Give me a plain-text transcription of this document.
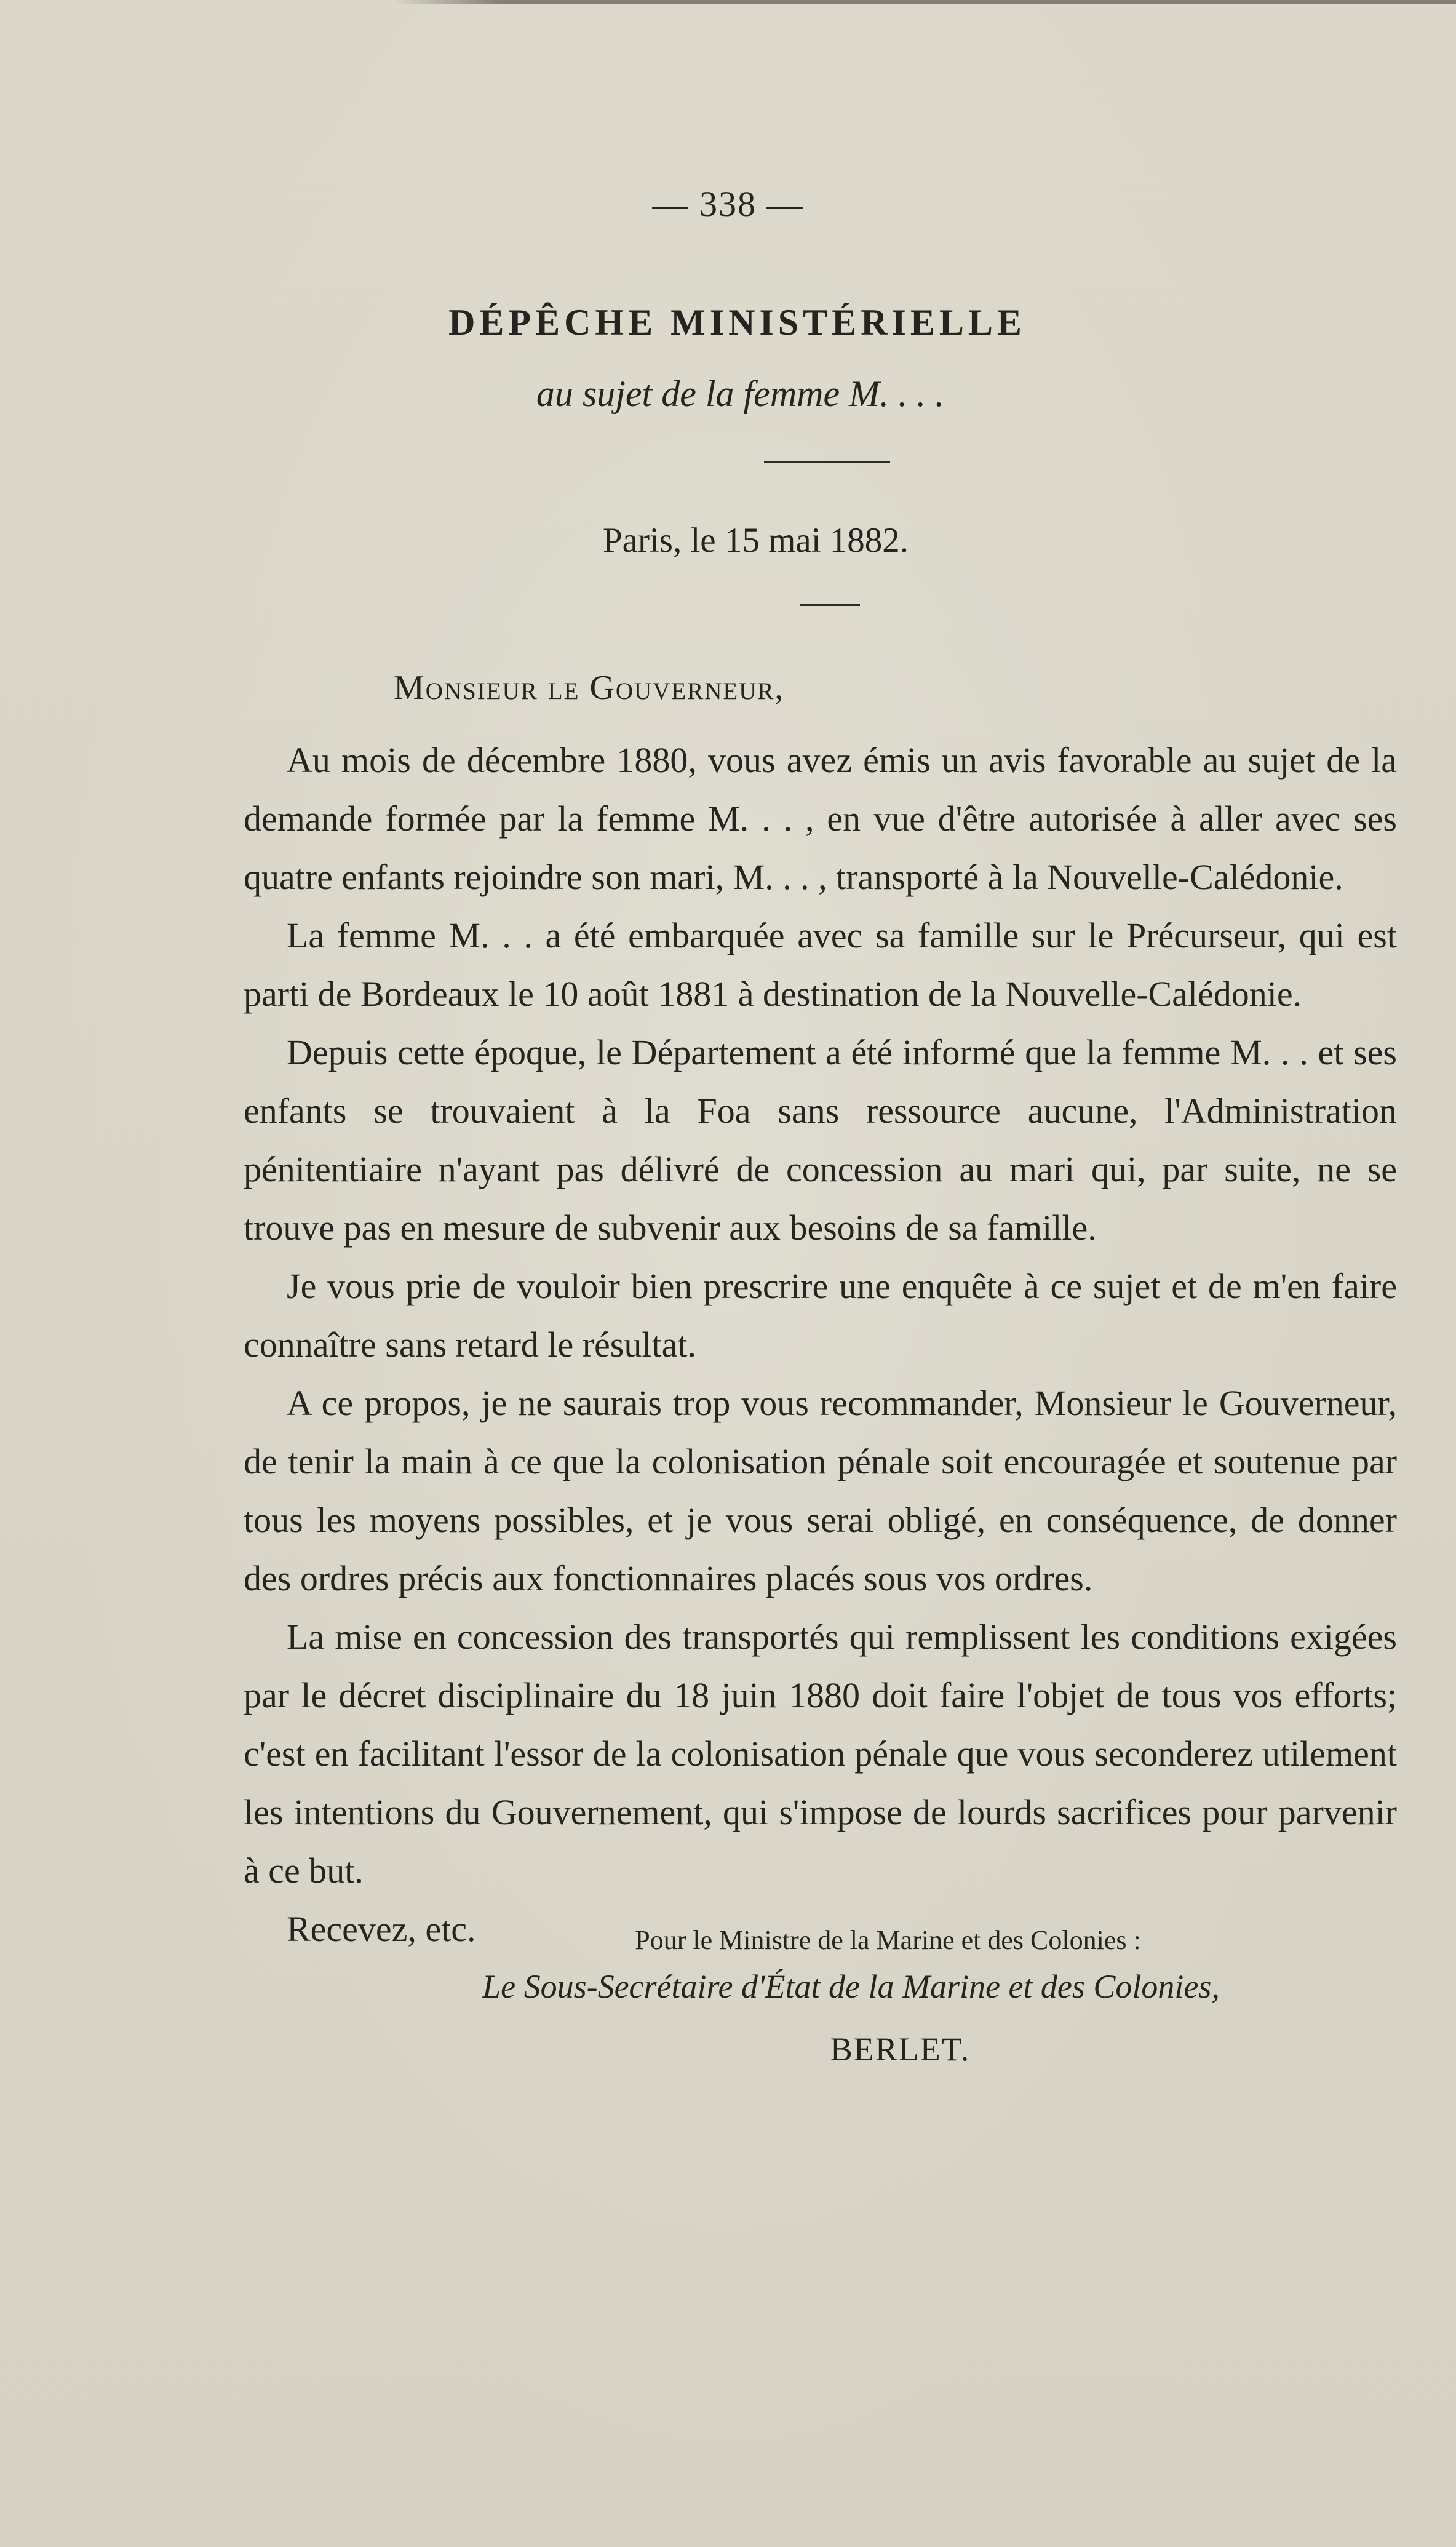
— 338 —
DÉPÊCHE MINISTÉRIELLE
au sujet de la femme M. . . .
Paris, le 15 mai 1882.
Monsieur le Gouverneur,

Au mois de décembre 1880, vous avez émis un avis favorable au sujet de la demande formée par la femme M. . . , en vue d'être autorisée à aller avec ses quatre enfants rejoindre son mari, M. . . , transporté à la Nouvelle-Calédonie.

La femme M. . . a été embarquée avec sa famille sur le Précurseur, qui est parti de Bordeaux le 10 août 1881 à destination de la Nouvelle-Calédonie.

Depuis cette époque, le Département a été informé que la femme M. . . et ses enfants se trouvaient à la Foa sans ressource aucune, l'Administration pénitentiaire n'ayant pas délivré de concession au mari qui, par suite, ne se trouve pas en mesure de subvenir aux besoins de sa famille.

Je vous prie de vouloir bien prescrire une enquête à ce sujet et de m'en faire connaître sans retard le résultat.

A ce propos, je ne saurais trop vous recommander, Monsieur le Gouverneur, de tenir la main à ce que la colonisation pénale soit encouragée et soutenue par tous les moyens possibles, et je vous serai obligé, en conséquence, de donner des ordres précis aux fonctionnaires placés sous vos ordres.

La mise en concession des transportés qui remplissent les conditions exigées par le décret disciplinaire du 18 juin 1880 doit faire l'objet de tous vos efforts; c'est en facilitant l'essor de la colonisation pénale que vous seconderez utilement les intentions du Gouvernement, qui s'impose de lourds sacrifices pour parvenir à ce but.

Recevez, etc.	Pour le Ministre de la Marine et des Colonies :
Le Sous-Secrétaire d'État de la Marine et des Colonies,
BERLET.
